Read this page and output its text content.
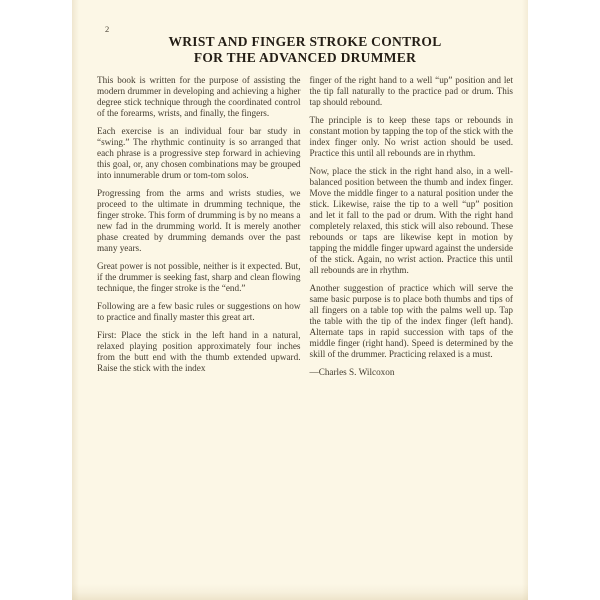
2
WRIST AND FINGER STROKE CONTROL
FOR THE ADVANCED DRUMMER

This book is written for the purpose of assisting the modern drummer in developing and achieving a higher degree stick technique through the coordinated control of the forearms, wrists, and finally, the fingers.

Each exercise is an individual four bar study in “swing.” The rhythmic continuity is so arranged that each phrase is a progressive step forward in achieving this goal, or, any chosen combinations may be grouped into innumerable drum or tom-tom solos.

Progressing from the arms and wrists studies, we proceed to the ultimate in drumming technique, the finger stroke. This form of drumming is by no means a new fad in the drumming world. It is merely another phase created by drumming demands over the past many years.

Great power is not possible, neither is it expected. But, if the drummer is seeking fast, sharp and clean flowing technique, the finger stroke is the “end.”

Following are a few basic rules or suggestions on how to practice and finally master this great art.

First: Place the stick in the left hand in a natural, relaxed playing position approximately four inches from the butt end with the thumb extended upward. Raise the stick with the index

finger of the right hand to a well “up” position and let the tip fall naturally to the practice pad or drum. This tap should rebound.

The principle is to keep these taps or rebounds in constant motion by tapping the top of the stick with the index finger only. No wrist action should be used. Practice this until all rebounds are in rhythm.

Now, place the stick in the right hand also, in a well-balanced position between the thumb and index finger. Move the middle finger to a natural position under the stick. Likewise, raise the tip to a well “up” position and let it fall to the pad or drum. With the right hand completely relaxed, this stick will also rebound. These rebounds or taps are likewise kept in motion by tapping the middle finger upward against the underside of the stick. Again, no wrist action. Practice this until all rebounds are in rhythm.

Another suggestion of practice which will serve the same basic purpose is to place both thumbs and tips of all fingers on a table top with the palms well up. Tap the table with the tip of the index finger (left hand). Alternate taps in rapid succession with taps of the middle finger (right hand). Speed is determined by the skill of the drummer. Practicing relaxed is a must.

—Charles S. Wilcoxon
